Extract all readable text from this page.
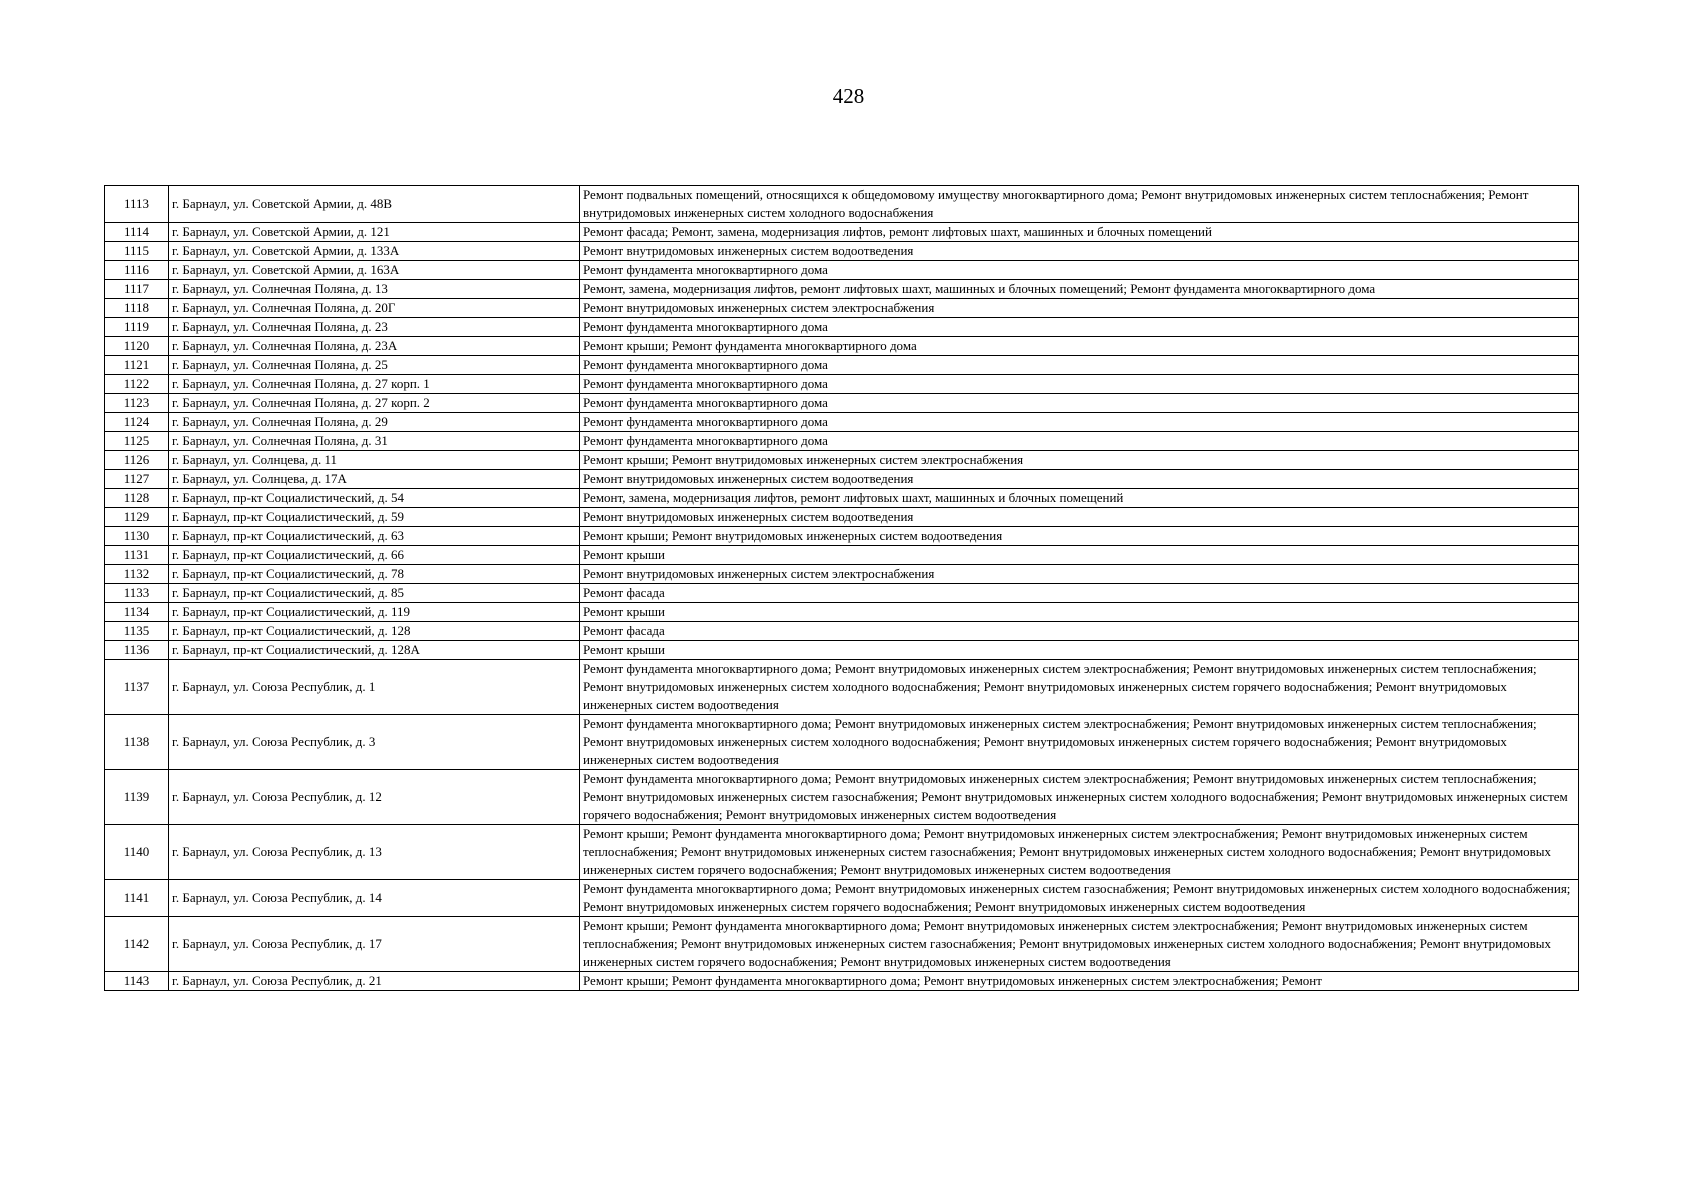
428
1113	г. Барнаул, ул. Советской Армии, д. 48В	Ремонт подвальных помещений, относящихся к общедомовому имуществу многоквартирного дома; Ремонт внутридомовых инженерных систем теплоснабжения; Ремонт внутридомовых инженерных систем холодного водоснабжения
1114	г. Барнаул, ул. Советской Армии, д. 121	Ремонт фасада; Ремонт, замена, модернизация лифтов, ремонт лифтовых шахт, машинных и блочных помещений
1115	г. Барнаул, ул. Советской Армии, д. 133А	Ремонт внутридомовых инженерных систем водоотведения
1116	г. Барнаул, ул. Советской Армии, д. 163А	Ремонт фундамента многоквартирного дома
1117	г. Барнаул, ул. Солнечная Поляна, д. 13	Ремонт, замена, модернизация лифтов, ремонт лифтовых шахт, машинных и блочных помещений; Ремонт фундамента многоквартирного дома
1118	г. Барнаул, ул. Солнечная Поляна, д. 20Г	Ремонт внутридомовых инженерных систем электроснабжения
1119	г. Барнаул, ул. Солнечная Поляна, д. 23	Ремонт фундамента многоквартирного дома
1120	г. Барнаул, ул. Солнечная Поляна, д. 23А	Ремонт крыши; Ремонт фундамента многоквартирного дома
1121	г. Барнаул, ул. Солнечная Поляна, д. 25	Ремонт фундамента многоквартирного дома
1122	г. Барнаул, ул. Солнечная Поляна, д. 27 корп. 1	Ремонт фундамента многоквартирного дома
1123	г. Барнаул, ул. Солнечная Поляна, д. 27 корп. 2	Ремонт фундамента многоквартирного дома
1124	г. Барнаул, ул. Солнечная Поляна, д. 29	Ремонт фундамента многоквартирного дома
1125	г. Барнаул, ул. Солнечная Поляна, д. 31	Ремонт фундамента многоквартирного дома
1126	г. Барнаул, ул. Солнцева, д. 11	Ремонт крыши; Ремонт внутридомовых инженерных систем электроснабжения
1127	г. Барнаул, ул. Солнцева, д. 17А	Ремонт внутридомовых инженерных систем водоотведения
1128	г. Барнаул, пр-кт Социалистический, д. 54	Ремонт, замена, модернизация лифтов, ремонт лифтовых шахт, машинных и блочных помещений
1129	г. Барнаул, пр-кт Социалистический, д. 59	Ремонт внутридомовых инженерных систем водоотведения
1130	г. Барнаул, пр-кт Социалистический, д. 63	Ремонт крыши; Ремонт внутридомовых инженерных систем водоотведения
1131	г. Барнаул, пр-кт Социалистический, д. 66	Ремонт крыши
1132	г. Барнаул, пр-кт Социалистический, д. 78	Ремонт внутридомовых инженерных систем электроснабжения
1133	г. Барнаул, пр-кт Социалистический, д. 85	Ремонт фасада
1134	г. Барнаул, пр-кт Социалистический, д. 119	Ремонт крыши
1135	г. Барнаул, пр-кт Социалистический, д. 128	Ремонт фасада
1136	г. Барнаул, пр-кт Социалистический, д. 128А	Ремонт крыши
1137	г. Барнаул, ул. Союза Республик, д. 1	Ремонт фундамента многоквартирного дома; Ремонт внутридомовых инженерных систем электроснабжения; Ремонт внутридомовых инженерных систем теплоснабжения; Ремонт внутридомовых инженерных систем холодного водоснабжения; Ремонт внутридомовых инженерных систем горячего водоснабжения; Ремонт внутридомовых инженерных систем водоотведения
1138	г. Барнаул, ул. Союза Республик, д. 3	Ремонт фундамента многоквартирного дома; Ремонт внутридомовых инженерных систем электроснабжения; Ремонт внутридомовых инженерных систем теплоснабжения; Ремонт внутридомовых инженерных систем холодного водоснабжения; Ремонт внутридомовых инженерных систем горячего водоснабжения; Ремонт внутридомовых инженерных систем водоотведения
1139	г. Барнаул, ул. Союза Республик, д. 12	Ремонт фундамента многоквартирного дома; Ремонт внутридомовых инженерных систем электроснабжения; Ремонт внутридомовых инженерных систем теплоснабжения; Ремонт внутридомовых инженерных систем газоснабжения; Ремонт внутридомовых инженерных систем холодного водоснабжения; Ремонт внутридомовых инженерных систем горячего водоснабжения; Ремонт внутридомовых инженерных систем водоотведения
1140	г. Барнаул, ул. Союза Республик, д. 13	Ремонт крыши; Ремонт фундамента многоквартирного дома; Ремонт внутридомовых инженерных систем электроснабжения; Ремонт внутридомовых инженерных систем теплоснабжения; Ремонт внутридомовых инженерных систем газоснабжения; Ремонт внутридомовых инженерных систем холодного водоснабжения; Ремонт внутридомовых инженерных систем горячего водоснабжения; Ремонт внутридомовых инженерных систем водоотведения
1141	г. Барнаул, ул. Союза Республик, д. 14	Ремонт фундамента многоквартирного дома; Ремонт внутридомовых инженерных систем газоснабжения; Ремонт внутридомовых инженерных систем холодного водоснабжения; Ремонт внутридомовых инженерных систем горячего водоснабжения; Ремонт внутридомовых инженерных систем водоотведения
1142	г. Барнаул, ул. Союза Республик, д. 17	Ремонт крыши; Ремонт фундамента многоквартирного дома; Ремонт внутридомовых инженерных систем электроснабжения; Ремонт внутридомовых инженерных систем теплоснабжения; Ремонт внутридомовых инженерных систем газоснабжения; Ремонт внутридомовых инженерных систем холодного водоснабжения; Ремонт внутридомовых инженерных систем горячего водоснабжения; Ремонт внутридомовых инженерных систем водоотведения
1143	г. Барнаул, ул. Союза Республик, д. 21	Ремонт крыши; Ремонт фундамента многоквартирного дома; Ремонт внутридомовых инженерных систем электроснабжения; Ремонт
